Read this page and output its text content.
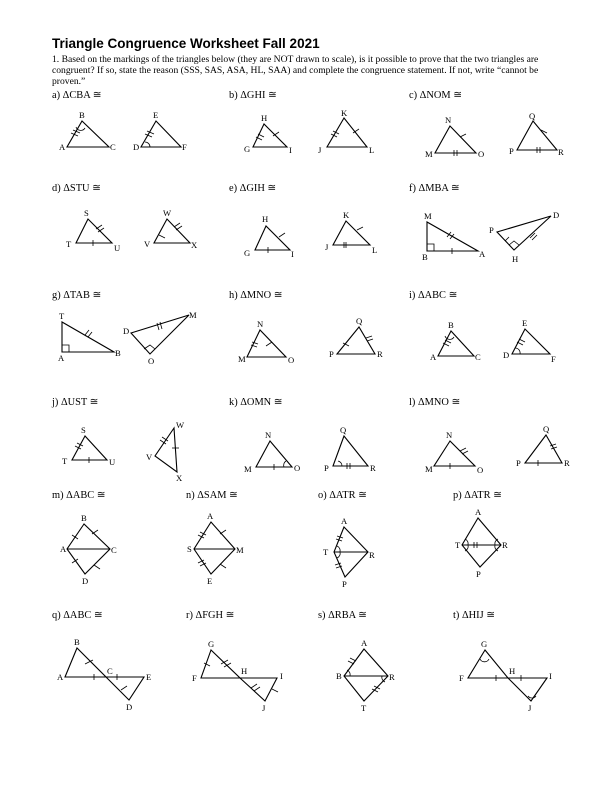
Triangle Congruence Worksheet Fall 2021
1. Based on the markings of the triangles below (they are NOT drawn to scale), is it possible to prove that the two triangles are congruent? If so, state the reason (SSS, SAS, ASA, HL, SAA) and complete the congruence statement. If not, write “cannot be proven.”
a) ΔCBA ≅	b) ΔGHI ≅	c) ΔNOM ≅
d) ΔSTU ≅	e) ΔGIH ≅	f) ΔMBA ≅
g) ΔTAB ≅	h) ΔMNO ≅	i) ΔABC ≅
j) ΔUST ≅	k) ΔOMN ≅	l) ΔMNO ≅
m) ΔABC ≅	n) ΔSAM ≅	o) ΔATR ≅	p) ΔATR ≅
q) ΔABC ≅	r) ΔFGH ≅	s) ΔRBA ≅	t) ΔHIJ ≅
B
A	C
E
D	F
H
G	I
K
J	L
N
M	O
Q
P	R
S
T	U
W
V	X
H
G	I
K
J	L
M
B	A
P
D
H
T
A	B
D
M
O
N
M	O
Q
P	R
B
A	C
E
D	F
S
T	U
W
V
X
N
M	O
Q
P	R
N
M	O
Q
P	R
B
A	C
D
A
S	M
E
A
T	R
P
A
T	R
P
B
A
C
E
D
G
F
H	I
J
A
B	R
T
G
F
H	I
J
